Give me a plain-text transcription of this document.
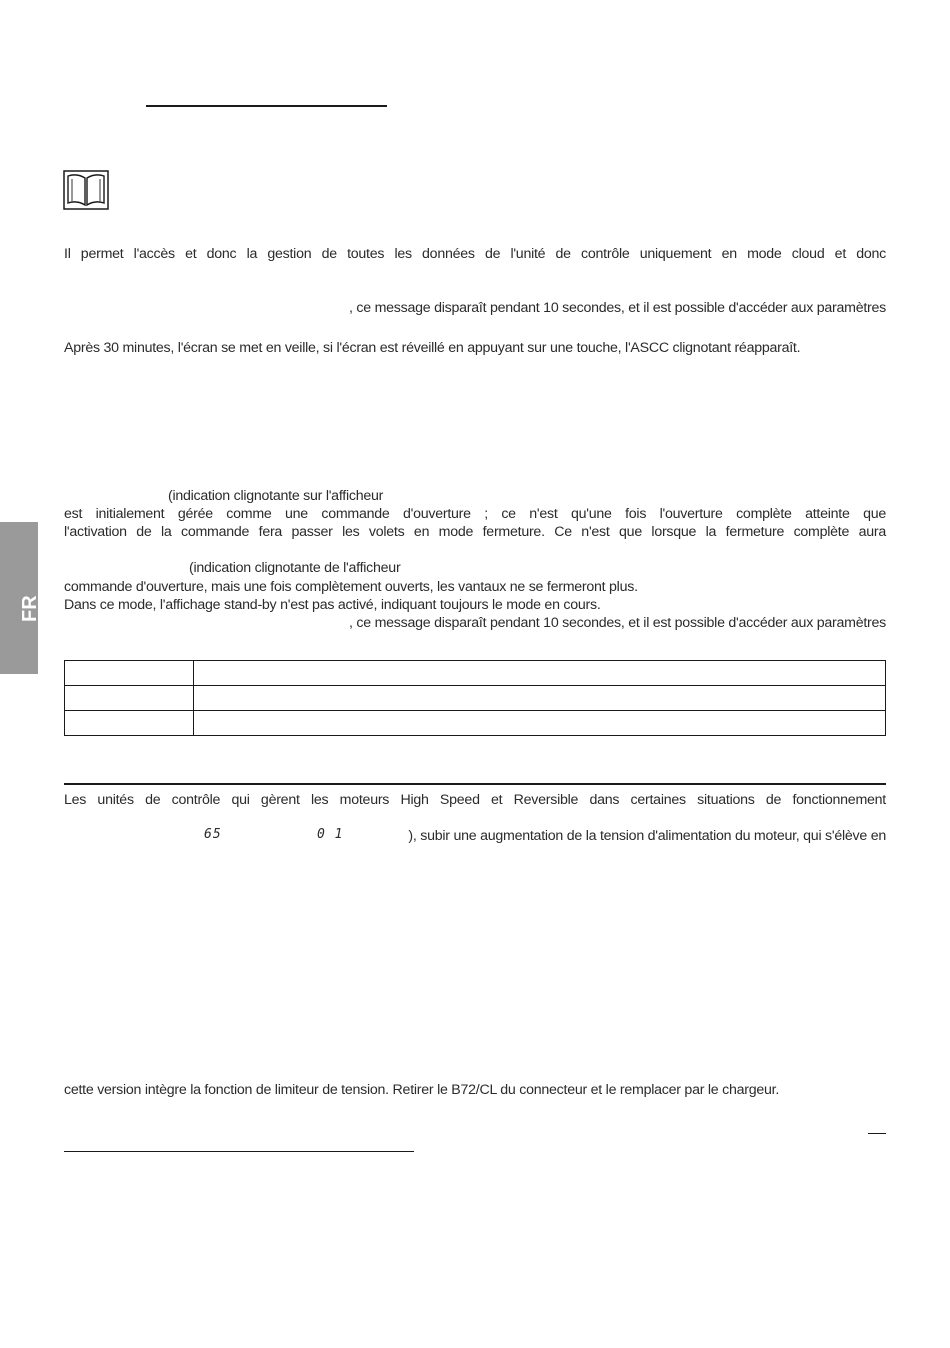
Il permet l'accès et donc la gestion de toutes les données de l'unité de contrôle uniquement en mode cloud et donc
, ce message disparaît pendant 10 secondes, et il est possible d'accéder aux paramètres
Après 30 minutes, l'écran se met en veille, si l'écran est réveillé en appuyant sur une touche, l'ASCC clignotant réapparaît.
(indication clignotante sur l'afficheur
est initialement gérée comme une commande d'ouverture ; ce n'est qu'une fois l'ouverture complète atteinte que
l'activation de la commande fera passer les volets en mode fermeture. Ce n'est que lorsque la fermeture complète aura
(indication clignotante de l'afficheur
commande d'ouverture, mais une fois complètement ouverts, les vantaux ne se fermeront plus.
Dans ce mode, l'affichage stand-by n'est pas activé, indiquant toujours le mode en cours.
, ce message disparaît pendant 10 secondes, et il est possible d'accéder aux paramètres
FR

Les unités de contrôle qui gèrent les moteurs High Speed et Reversible dans certaines situations de fonctionnement
65	0 1	), subir une augmentation de la tension d'alimentation du moteur, qui s'élève en
cette version intègre la fonction de limiteur de tension. Retirer le B72/CL du connecteur et le remplacer par le chargeur.
